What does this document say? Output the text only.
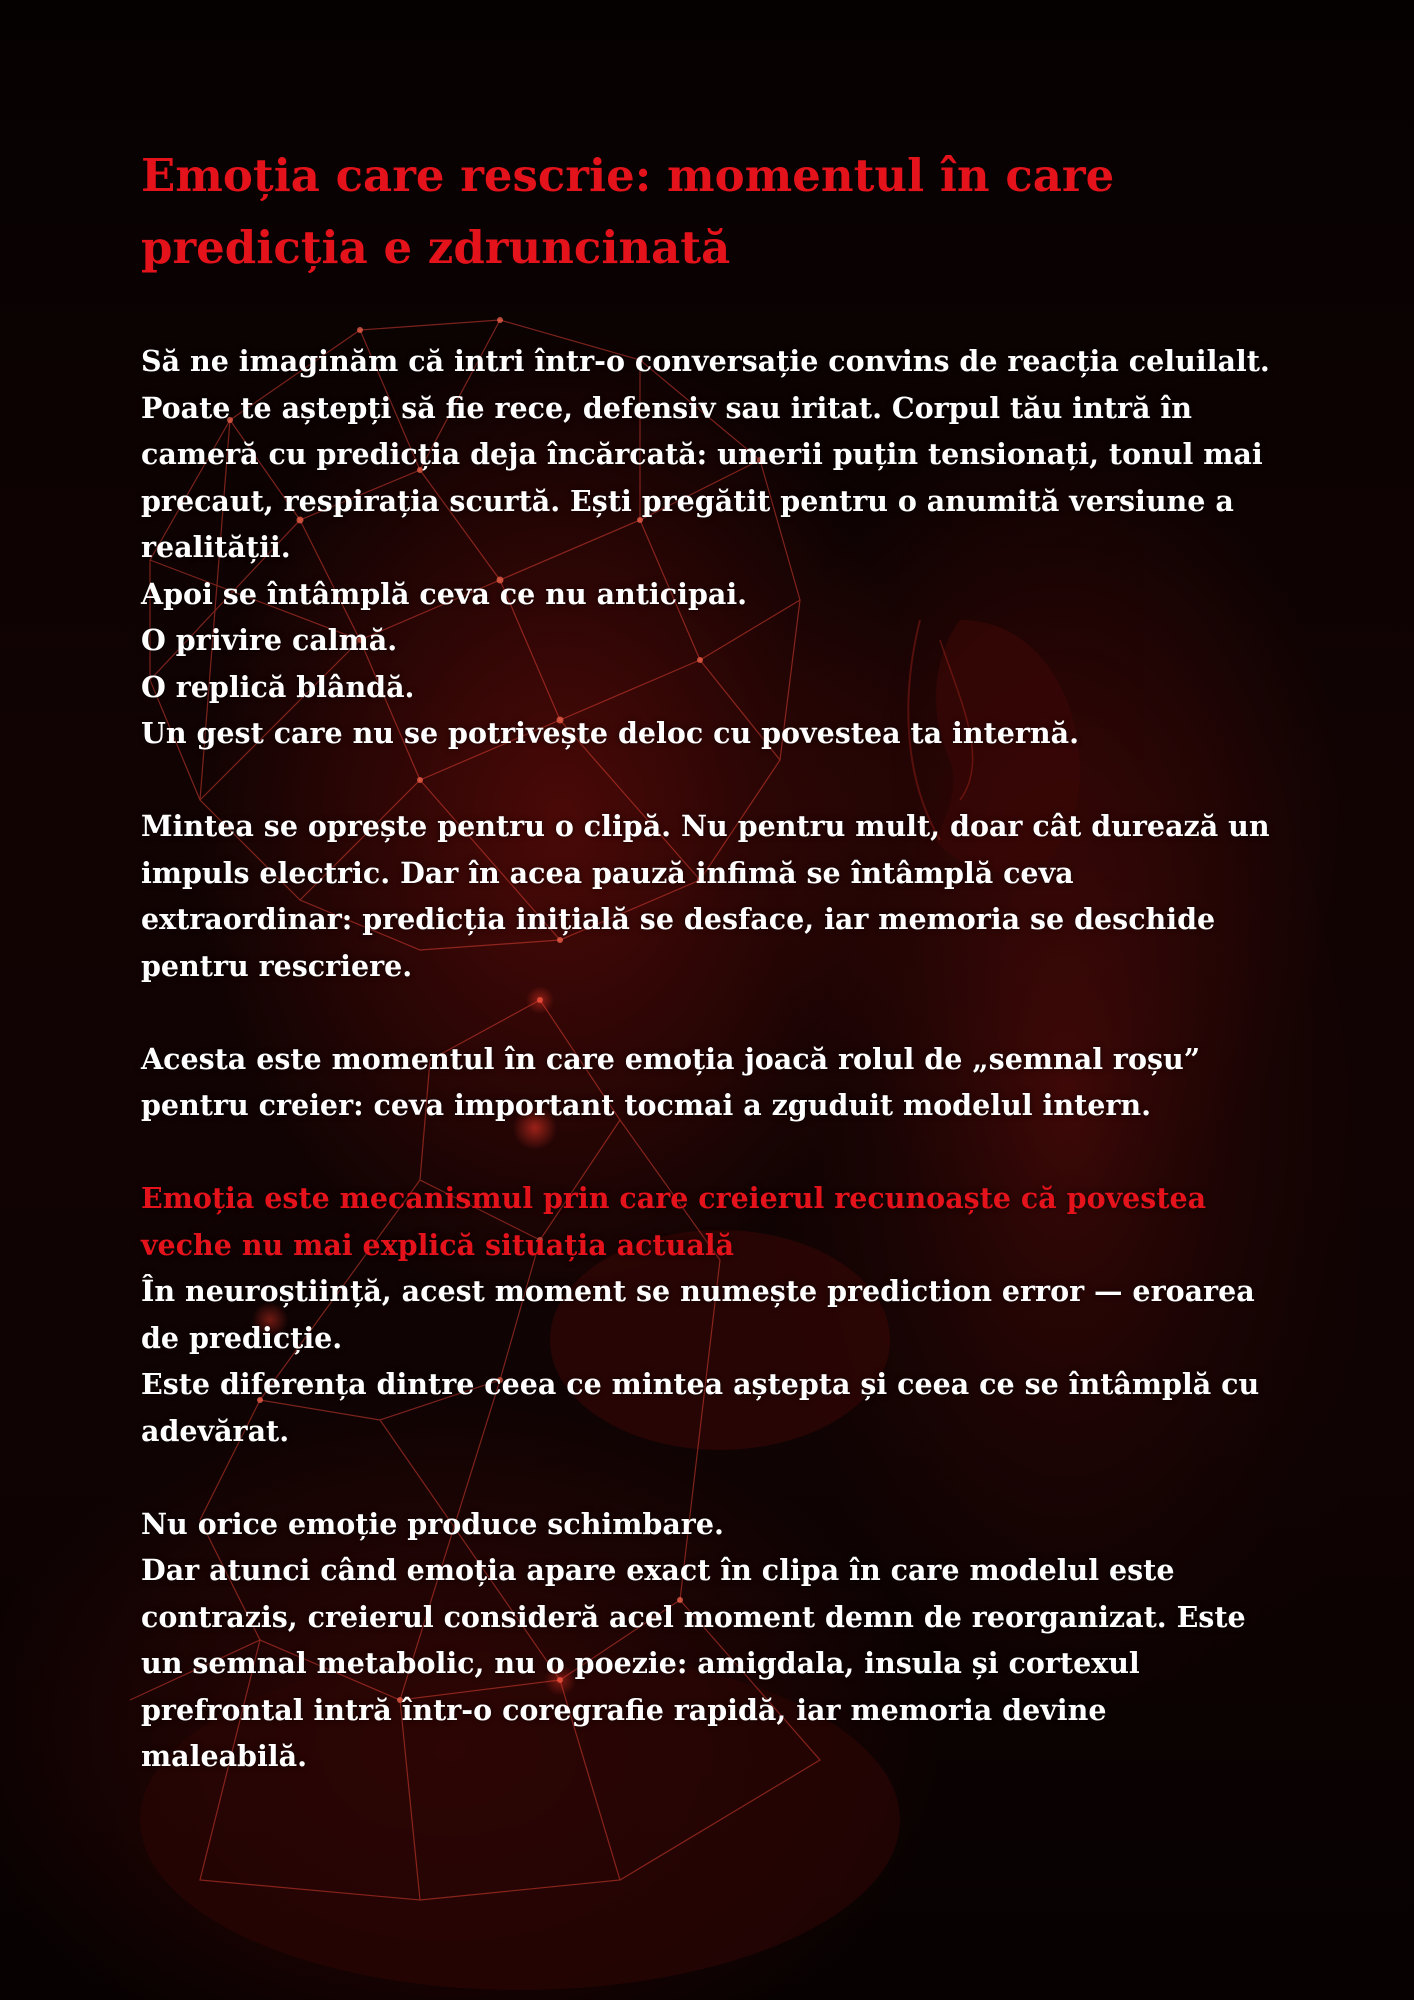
Emoția care rescrie: momentul în care predicția e zdruncinată

Să ne imaginăm că intri într-o conversație convins de reacția celuilalt. Poate te aștepți să fie rece, defensiv sau iritat. Corpul tău intră în cameră cu predicția deja încărcată: umerii puțin tensionați, tonul mai precaut, respirația scurtă. Ești pregătit pentru o anumită versiune a realității.
Apoi se întâmplă ceva ce nu anticipai.
O privire calmă.
O replică blândă.
Un gest care nu se potrivește deloc cu povestea ta internă.

Mintea se oprește pentru o clipă. Nu pentru mult, doar cât durează un impuls electric. Dar în acea pauză infimă se întâmplă ceva extraordinar: predicția inițială se desface, iar memoria se deschide pentru rescriere.

Acesta este momentul în care emoția joacă rolul de „semnal roșu” pentru creier: ceva important tocmai a zguduit modelul intern.

Emoția este mecanismul prin care creierul recunoaște că povestea veche nu mai explică situația actuală
În neuroștiință, acest moment se numește prediction error — eroarea de predicție.
Este diferența dintre ceea ce mintea aștepta și ceea ce se întâmplă cu adevărat.

Nu orice emoție produce schimbare.
Dar atunci când emoția apare exact în clipa în care modelul este contrazis, creierul consideră acel moment demn de reorganizat. Este un semnal metabolic, nu o poezie: amigdala, insula și cortexul prefrontal intră într-o coregrafie rapidă, iar memoria devine maleabilă.
